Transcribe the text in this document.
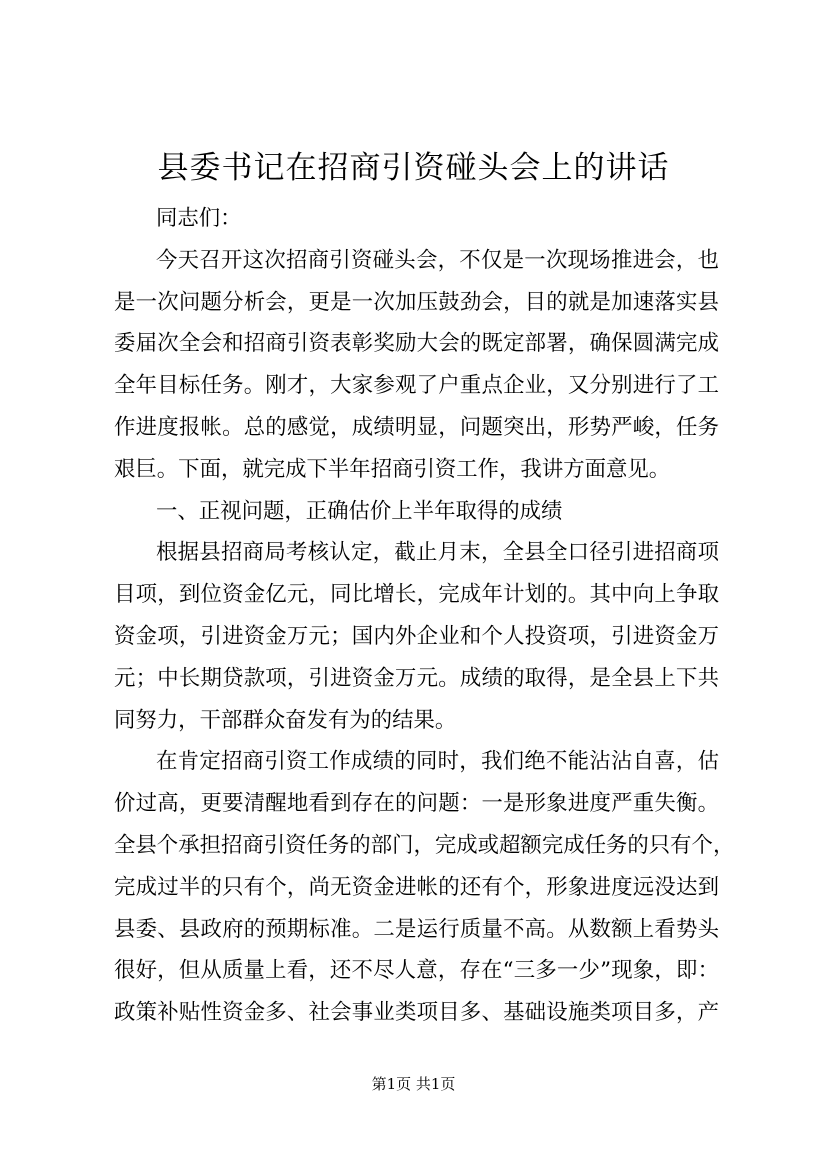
县委书记在招商引资碰头会上的讲话
同志们：
今天召开这次招商引资碰头会，不仅是一次现场推进会，也
是一次问题分析会，更是一次加压鼓劲会，目的就是加速落实县
委届次全会和招商引资表彰奖励大会的既定部署，确保圆满完成
全年目标任务。刚才，大家参观了户重点企业，又分别进行了工
作进度报帐。总的感觉，成绩明显，问题突出，形势严峻，任务
艰巨。下面，就完成下半年招商引资工作，我讲方面意见。
一、正视问题，正确估价上半年取得的成绩
根据县招商局考核认定，截止月末，全县全口径引进招商项
目项，到位资金亿元，同比增长，完成年计划的。其中向上争取
资金项，引进资金万元；国内外企业和个人投资项，引进资金万
元；中长期贷款项，引进资金万元。成绩的取得，是全县上下共
同努力，干部群众奋发有为的结果。
在肯定招商引资工作成绩的同时，我们绝不能沾沾自喜，估
价过高，更要清醒地看到存在的问题：一是形象进度严重失衡。
全县个承担招商引资任务的部门，完成或超额完成任务的只有个，
完成过半的只有个，尚无资金进帐的还有个，形象进度远没达到
县委、县政府的预期标准。二是运行质量不高。从数额上看势头
很好，但从质量上看，还不尽人意，存在“三多一少”现象，即：
政策补贴性资金多、社会事业类项目多、基础设施类项目多，产
第1页 共1页
